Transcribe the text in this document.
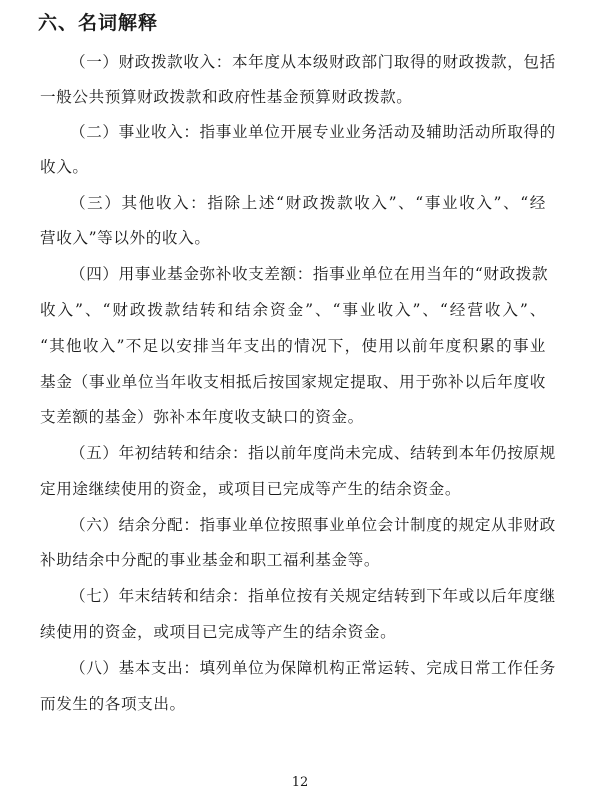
六、名词解释
（一）财政拨款收入：本年度从本级财政部门取得的财政拨款，包括
一般公共预算财政拨款和政府性基金预算财政拨款。
（二）事业收入：指事业单位开展专业业务活动及辅助活动所取得的
收入。
（三）其他收入：指除上述“财政拨款收入”、“事业收入”、“经
营收入”等以外的收入。
（四）用事业基金弥补收支差额：指事业单位在用当年的“财政拨款
收入”、“财政拨款结转和结余资金”、“事业收入”、“经营收入”、
“其他收入”不足以安排当年支出的情况下，使用以前年度积累的事业
基金（事业单位当年收支相抵后按国家规定提取、用于弥补以后年度收
支差额的基金）弥补本年度收支缺口的资金。
（五）年初结转和结余：指以前年度尚未完成、结转到本年仍按原规
定用途继续使用的资金，或项目已完成等产生的结余资金。
（六）结余分配：指事业单位按照事业单位会计制度的规定从非财政
补助结余中分配的事业基金和职工福利基金等。
（七）年末结转和结余：指单位按有关规定结转到下年或以后年度继
续使用的资金，或项目已完成等产生的结余资金。
（八）基本支出：填列单位为保障机构正常运转、完成日常工作任务
而发生的各项支出。
12
